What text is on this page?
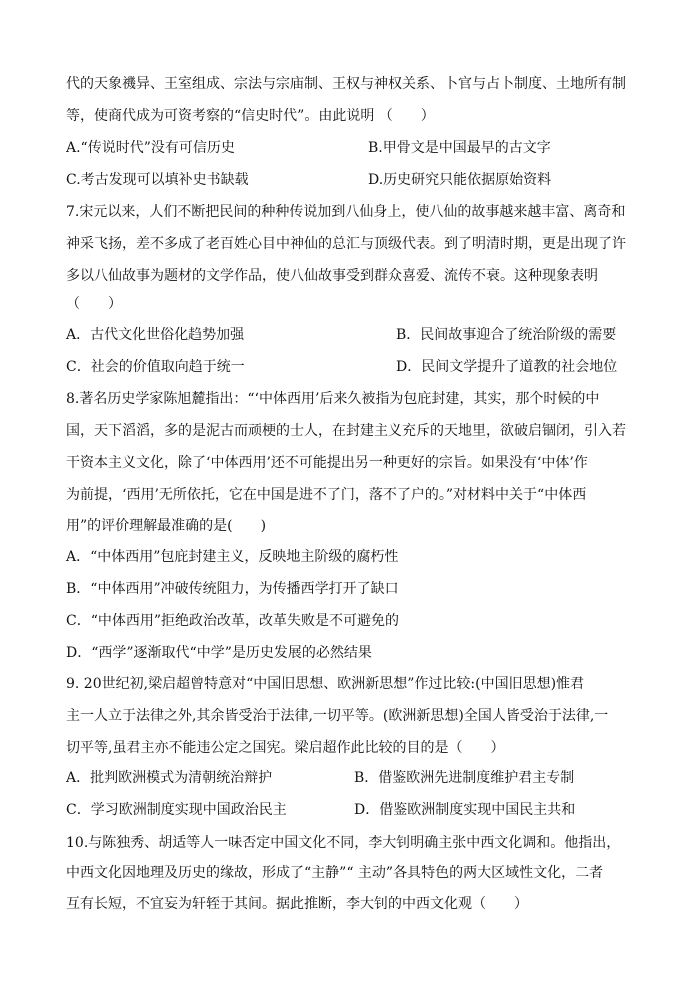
代的天象禨异、王室组成、宗法与宗庙制、王权与神权关系、卜官与占卜制度、土地所有制
等，使商代成为可资考察的“信史时代”。由此说明 （　　）
A.“传说时代”没有可信历史	B.甲骨文是中国最早的古文字
C.考古发现可以填补史书缺载	D.历史研究只能依据原始资料
7.宋元以来，人们不断把民间的种种传说加到八仙身上，使八仙的故事越来越丰富、离奇和
神采飞扬，差不多成了老百姓心目中神仙的总汇与顶级代表。到了明清时期，更是出现了许
多以八仙故事为题材的文学作品，使八仙故事受到群众喜爱、流传不衰。这种现象表明
（　　）
A．古代文化世俗化趋势加强	B．民间故事迎合了统治阶级的需要
C．社会的价值取向趋于统一	D．民间文学提升了道教的社会地位
8.著名历史学家陈旭麓指出：“‘中体西用’后来久被指为包庇封建，其实，那个时候的中
国，天下滔滔，多的是泥古而顽梗的士人，在封建主义充斥的天地里，欲破启锢闭，引入若
干资本主义文化，除了‘中体西用’还不可能提出另一种更好的宗旨。如果没有‘中体’作
为前提，‘西用’无所依托，它在中国是进不了门，落不了户的。”对材料中关于“中体西
用”的评价理解最准确的是(　　)
A．“中体西用”包庇封建主义，反映地主阶级的腐朽性
B．“中体西用”冲破传统阻力，为传播西学打开了缺口
C．“中体西用”拒绝政治改革，改革失败是不可避免的
D．“西学”逐渐取代“中学”是历史发展的必然结果
9. 20世纪初,梁启超曾特意对“中国旧思想、欧洲新思想”作过比较:(中国旧思想)惟君
主一人立于法律之外,其余皆受治于法律,一切平等。(欧洲新思想)全国人皆受治于法律,一
切平等,虽君主亦不能违公定之国宪。梁启超作此比较的目的是（　　）
A．批判欧洲模式为清朝统治辩护	B．借鉴欧洲先进制度维护君主专制
C．学习欧洲制度实现中国政治民主	D．借鉴欧洲制度实现中国民主共和
10.与陈独秀、胡适等人一味否定中国文化不同，李大钊明确主张中西文化调和。他指出，
中西文化因地理及历史的缘故，形成了“主静”“ 主动”各具特色的两大区域性文化，二者
互有长短，不宜妄为轩轾于其间。据此推断，李大钊的中西文化观（　　）
